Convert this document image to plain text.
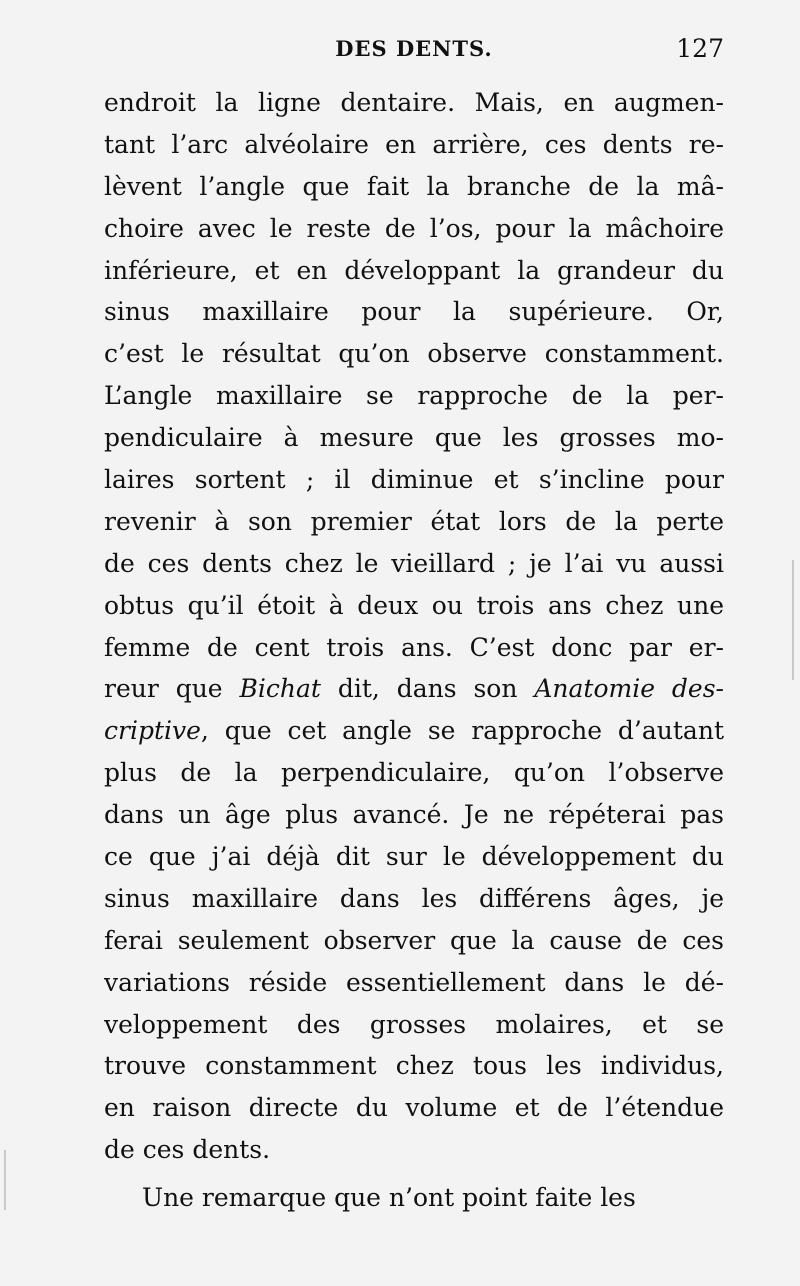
DES DENTS.	127
endroit la ligne dentaire. Mais, en augmen-
tant l’arc alvéolaire en arrière, ces dents re-
lèvent l’angle que fait la branche de la mâ-
choire avec le reste de l’os, pour la mâchoire
inférieure, et en développant la grandeur du
sinus maxillaire pour la supérieure. Or,
c’est le résultat qu’on observe constamment.
L’angle maxillaire se rapproche de la per-
pendiculaire à mesure que les grosses mo-
laires sortent ; il diminue et s’incline pour
revenir à son premier état lors de la perte
de ces dents chez le vieillard ; je l’ai vu aussi
obtus qu’il étoit à deux ou trois ans chez une
femme de cent trois ans. C’est donc par er-
reur que Bichat dit, dans son Anatomie des-
criptive, que cet angle se rapproche d’autant
plus de la perpendiculaire, qu’on l’observe
dans un âge plus avancé. Je ne répéterai pas
ce que j’ai déjà dit sur le développement du
sinus maxillaire dans les différens âges, je
ferai seulement observer que la cause de ces
variations réside essentiellement dans le dé-
veloppement des grosses molaires, et se
trouve constamment chez tous les individus,
en raison directe du volume et de l’étendue
de ces dents.
Une remarque que n’ont point faite les
